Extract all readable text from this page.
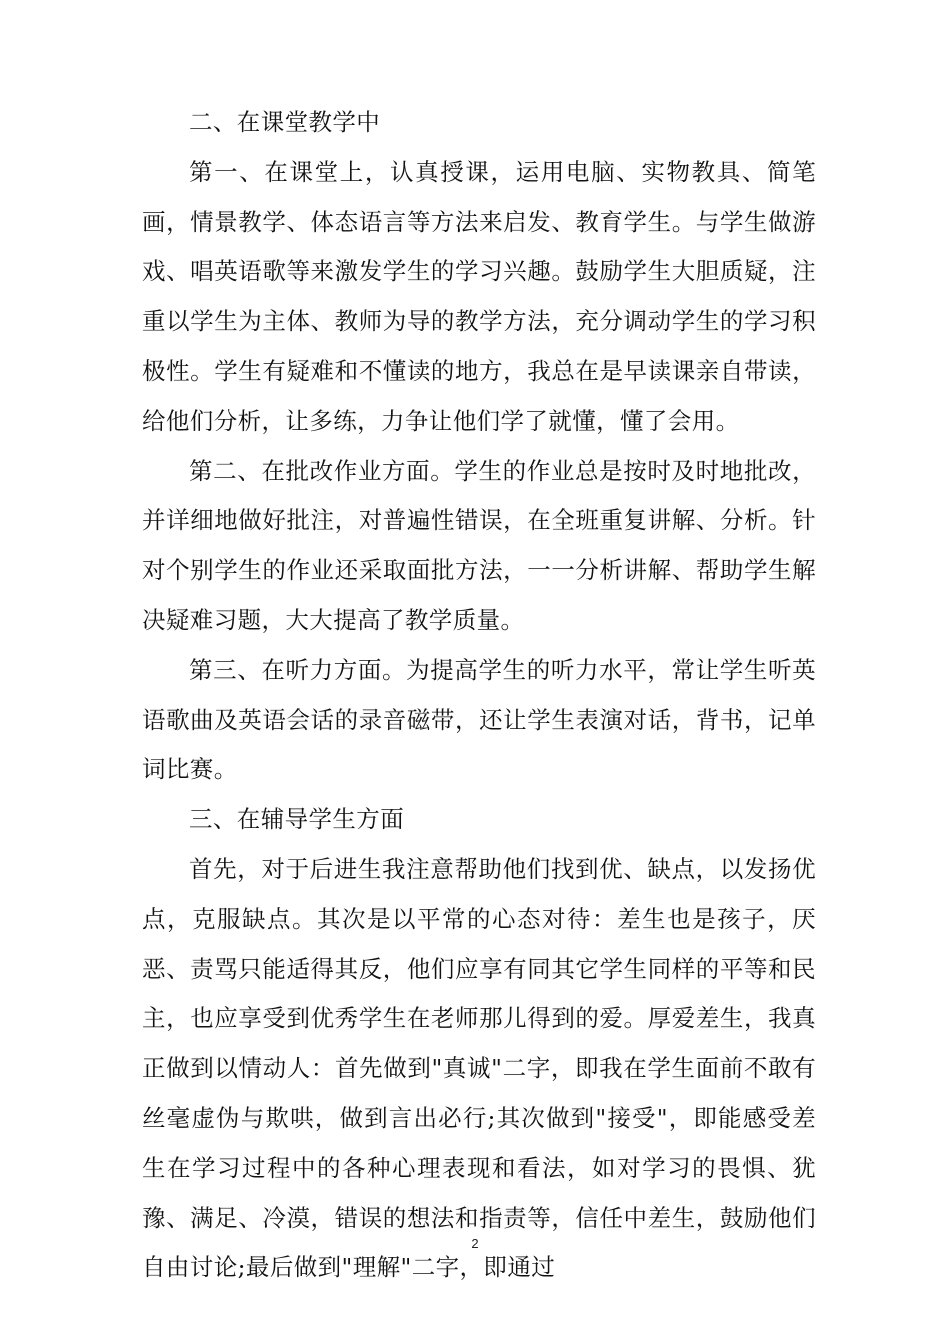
二、在课堂教学中

第一、在课堂上，认真授课，运用电脑、实物教具、简笔画，情景教学、体态语言等方法来启发、教育学生。与学生做游戏、唱英语歌等来激发学生的学习兴趣。鼓励学生大胆质疑，注重以学生为主体、教师为导的教学方法，充分调动学生的学习积极性。学生有疑难和不懂读的地方，我总在是早读课亲自带读，给他们分析，让多练，力争让他们学了就懂，懂了会用。

第二、在批改作业方面。学生的作业总是按时及时地批改，并详细地做好批注，对普遍性错误，在全班重复讲解、分析。针对个别学生的作业还采取面批方法，一一分析讲解、帮助学生解决疑难习题，大大提高了教学质量。

第三、在听力方面。为提高学生的听力水平，常让学生听英语歌曲及英语会话的录音磁带，还让学生表演对话，背书，记单词比赛。

三、在辅导学生方面

首先，对于后进生我注意帮助他们找到优、缺点，以发扬优点，克服缺点。其次是以平常的心态对待：差生也是孩子，厌恶、责骂只能适得其反，他们应享有同其它学生同样的平等和民主，也应享受到优秀学生在老师那儿得到的爱。厚爱差生，我真正做到以情动人：首先做到"真诚"二字，即我在学生面前不敢有丝毫虚伪与欺哄，做到言出必行;其次做到"接受"，即能感受差生在学习过程中的各种心理表现和看法，如对学习的畏惧、犹豫、满足、冷漠，错误的想法和指责等，信任中差生，鼓励他们自由讨论;最后做到"理解"二字，即通过

2
